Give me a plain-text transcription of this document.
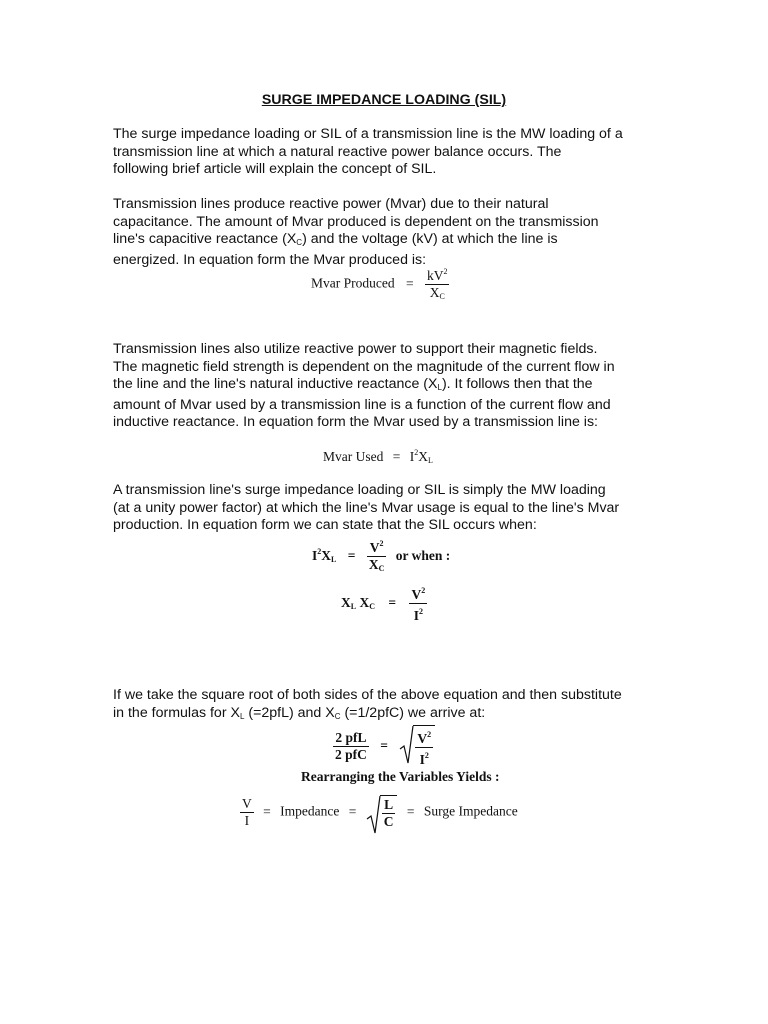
SURGE IMPEDANCE LOADING (SIL)
The surge impedance loading or SIL of a transmission line is the MW loading of a
transmission line at which a natural reactive power balance occurs. The
following brief article will explain the concept of SIL.
Transmission lines produce reactive power (Mvar) due to their natural
capacitance. The amount of Mvar produced is dependent on the transmission
line's capacitive reactance $(X_C)$ and the voltage (kV) at which the line is
energized. In equation form the Mvar produced is:
Mvar Produced = $\frac{kV^2}{X_C}$
Transmission lines also utilize reactive power to support their magnetic fields.
The magnetic field strength is dependent on the magnitude of the current flow in
the line and the line's natural inductive reactance $(X_L)$. It follows then that the
amount of Mvar used by a transmission line is a function of the current flow and
inductive reactance. In equation form the Mvar used by a transmission line is:
Mvar Used = $I^2X_L$
A transmission line's surge impedance loading or SIL is simply the MW loading
(at a unity power factor) at which the line's Mvar usage is equal to the line's Mvar
production. In equation form we can state that the SIL occurs when:
$I^2X_L = \frac{V^2}{X_C}$ or when :
$X_L$ $X_C = \frac{V^2}{I^2}$
If we take the square root of both sides of the above equation and then substitute
in the formulas for $X_L$ (=2pfL) and $X_C$ (=1/2pfC) we arrive at:
$\frac{\text{2 pfL}}{\text{2 pfC}} = \frac{V^2}{I^2}$
Rearranging the Variables Yields :
$\frac{V}{I}$ = Impedance = $\frac{L}{C}$ = Surge Impedance
